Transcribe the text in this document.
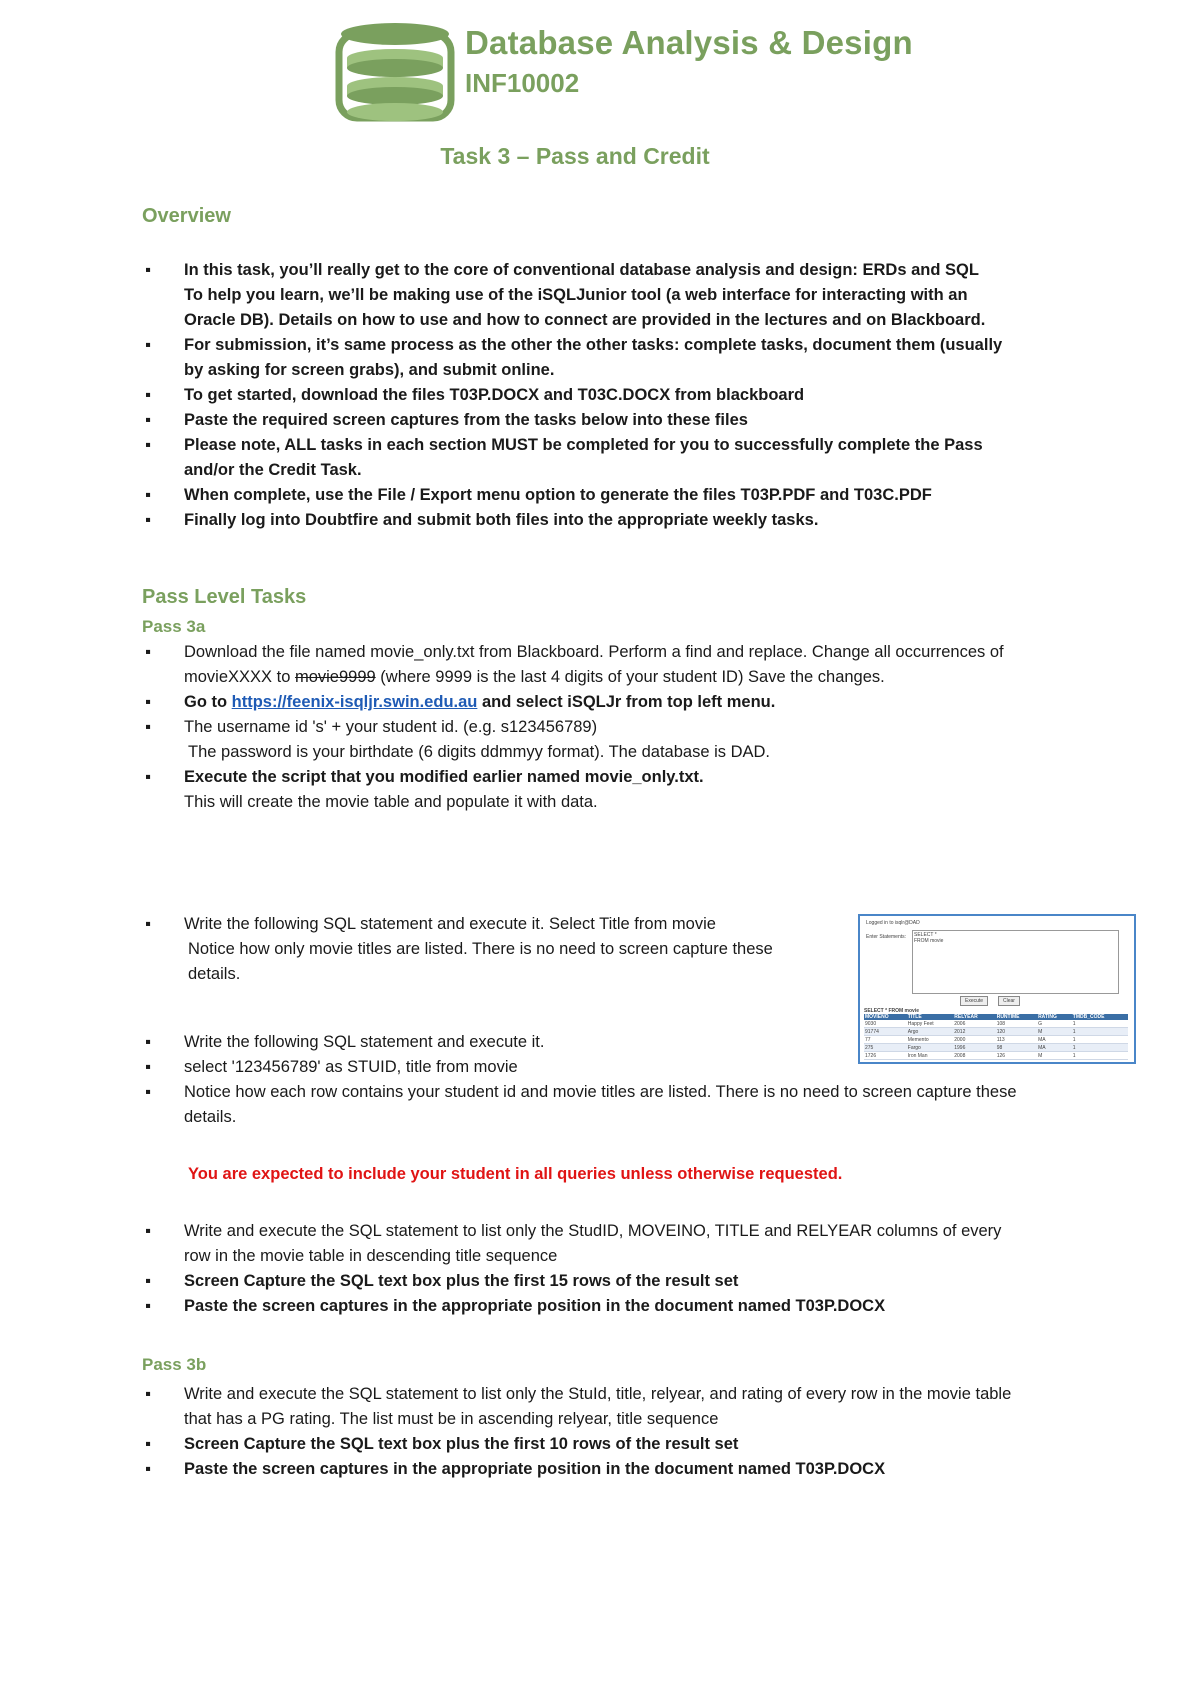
Database Analysis & Design
INF10002
Task 3 – Pass and Credit
Overview
▪ In this task, you’ll really get to the core of conventional database analysis and design: ERDs and SQL
To help you learn, we’ll be making use of the iSQLJunior tool (a web interface for interacting with an Oracle DB). Details on how to use and how to connect are provided in the lectures and on Blackboard.
▪ For submission, it’s same process as the other the other tasks: complete tasks, document them (usually by asking for screen grabs), and submit online.
▪ To get started, download the files T03P.DOCX and T03C.DOCX from blackboard
▪ Paste the required screen captures from the tasks below into these files
▪ Please note, ALL tasks in each section MUST be completed for you to successfully complete the Pass and/or the Credit Task.
▪ When complete, use the File / Export menu option to generate the files T03P.PDF and T03C.PDF
▪ Finally log into Doubtfire and submit both files into the appropriate weekly tasks.
Pass Level Tasks
Pass 3a
▪ Download the file named movie_only.txt from Blackboard. Perform a find and replace. Change all occurrences of movieXXXX to movie9999 (where 9999 is the last 4 digits of your student ID) Save the changes.
▪ Go to https://feenix-isqljr.swin.edu.au and select iSQLJr from top left menu.
▪ The username id 's' + your student id. (e.g. s123456789)
The password is your birthdate (6 digits ddmmyy format). The database is DAD.
▪ Execute the script that you modified earlier named movie_only.txt.
This will create the movie table and populate it with data.
▪ Write the following SQL statement and execute it. Select Title from movie
Notice how only movie titles are listed. There is no need to screen capture these details.
▪ Write the following SQL statement and execute it.
▪ select '123456789' as STUID, title from movie
▪ Notice how each row contains your student id and movie titles are listed. There is no need to screen capture these details.
You are expected to include your student in all queries unless otherwise requested.
▪ Write and execute the SQL statement to list only the StudID, MOVEINO, TITLE and RELYEAR columns of every row in the movie table in descending title sequence
▪ Screen Capture the SQL text box plus the first 15 rows of the result set
▪ Paste the screen captures in the appropriate position in the document named T03P.DOCX
Pass 3b
▪ Write and execute the SQL statement to list only the StuId, title, relyear, and rating of every row in the movie table that has a PG rating. The list must be in ascending relyear, title sequence
▪ Screen Capture the SQL text box plus the first 10 rows of the result set
▪ Paste the screen captures in the appropriate position in the document named T03P.DOCX
Logged in to isqlr@DAD
Enter Statements: SELECT *
FROM movie
Execute	Clear
SELECT * FROM movie
MOVIENO	TITLE	RELYEAR	RUNTIME	RATING	TMDB_CODE
9030	Happy Feet	2006	108	G	1
91774	Argo	2012	120	M	1
77	Memento	2000	113	MA	1
275	Fargo	1996	98	MA	1
1726	Iron Man	2008	126	M	1
